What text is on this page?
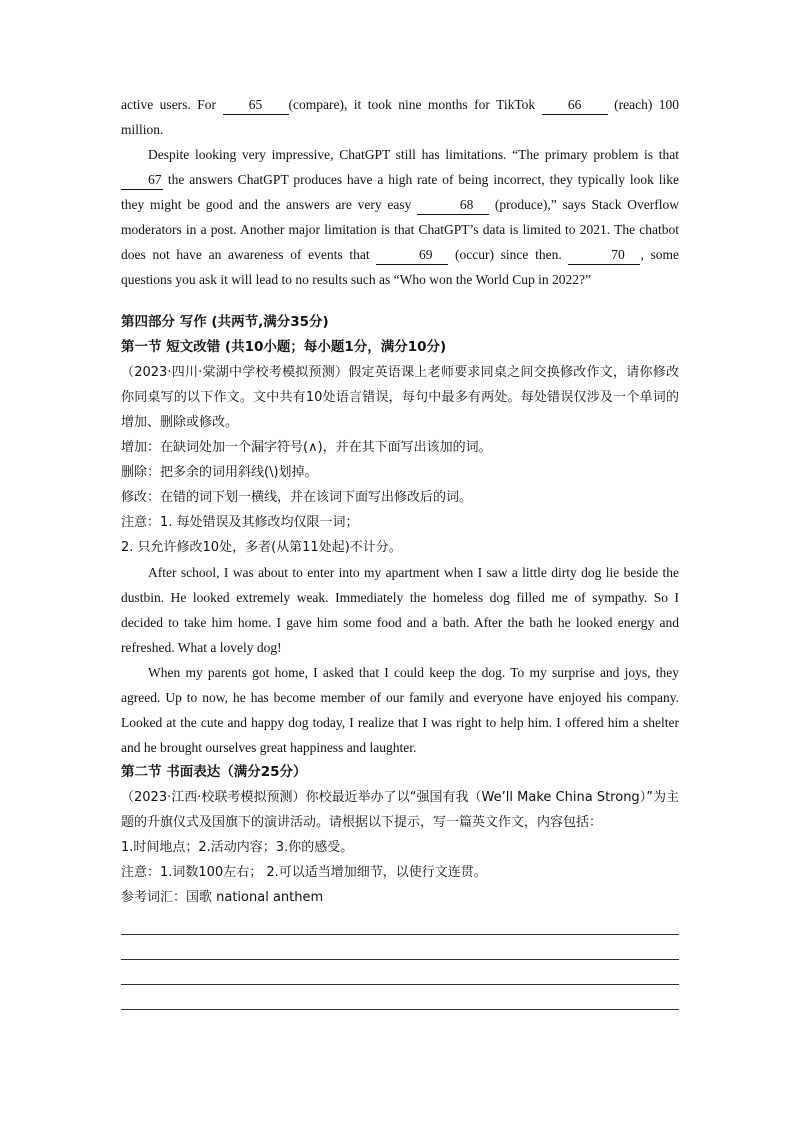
active users. For 65 (compare), it took nine months for TikTok 66 (reach) 100 million.

Despite looking very impressive, ChatGPT still has limitations. “The primary problem is that 67 the answers ChatGPT produces have a high rate of being incorrect, they typically look like they might be good and the answers are very easy	68 (produce),” says Stack Overflow moderators in a post. Another major limitation is that ChatGPT’s data is limited to 2021. The chatbot does not have an awareness of events that	69 (occur) since then.	70 , some questions you ask it will lead to no results such as “Who won the World Cup in 2022?”

第四部分 写作 (共两节,满分35分)

第一节 短文改错 (共10小题；每小题1分，满分10分)

（2023·四川·棠湖中学校考模拟预测）假定英语课上老师要求同桌之间交换修改作文，请你修改你同桌写的以下作文。文中共有10处语言错误，每句中最多有两处。每处错误仅涉及一个单词的增加、删除或修改。

增加：在缺词处加一个漏字符号(∧)，并在其下面写出该加的词。

删除：把多余的词用斜线(\)划掉。

修改：在错的词下划一横线，并在该词下面写出修改后的词。

注意：1. 每处错误及其修改均仅限一词；

2. 只允许修改10处，多者(从第11处起)不计分。

After school, I was about to enter into my apartment when I saw a little dirty dog lie beside the dustbin. He looked extremely weak. Immediately the homeless dog filled me of sympathy. So I decided to take him home. I gave him some food and a bath. After the bath he looked energy and refreshed. What a lovely dog!

When my parents got home, I asked that I could keep the dog. To my surprise and joys, they agreed. Up to now, he has become member of our family and everyone have enjoyed his company. Looked at the cute and happy dog today, I realize that I was right to help him. I offered him a shelter and he brought ourselves great happiness and laughter.

第二节 书面表达（满分25分）

（2023·江西·校联考模拟预测）你校最近举办了以“强国有我（We’ll Make China Strong）”为主题的升旗仪式及国旗下的演讲活动。请根据以下提示，写一篇英文作文，内容包括：

1.时间地点；2.活动内容；3.你的感受。

注意：1.词数100左右； 2.可以适当增加细节，以使行文连贯。

参考词汇：国歌 national anthem
